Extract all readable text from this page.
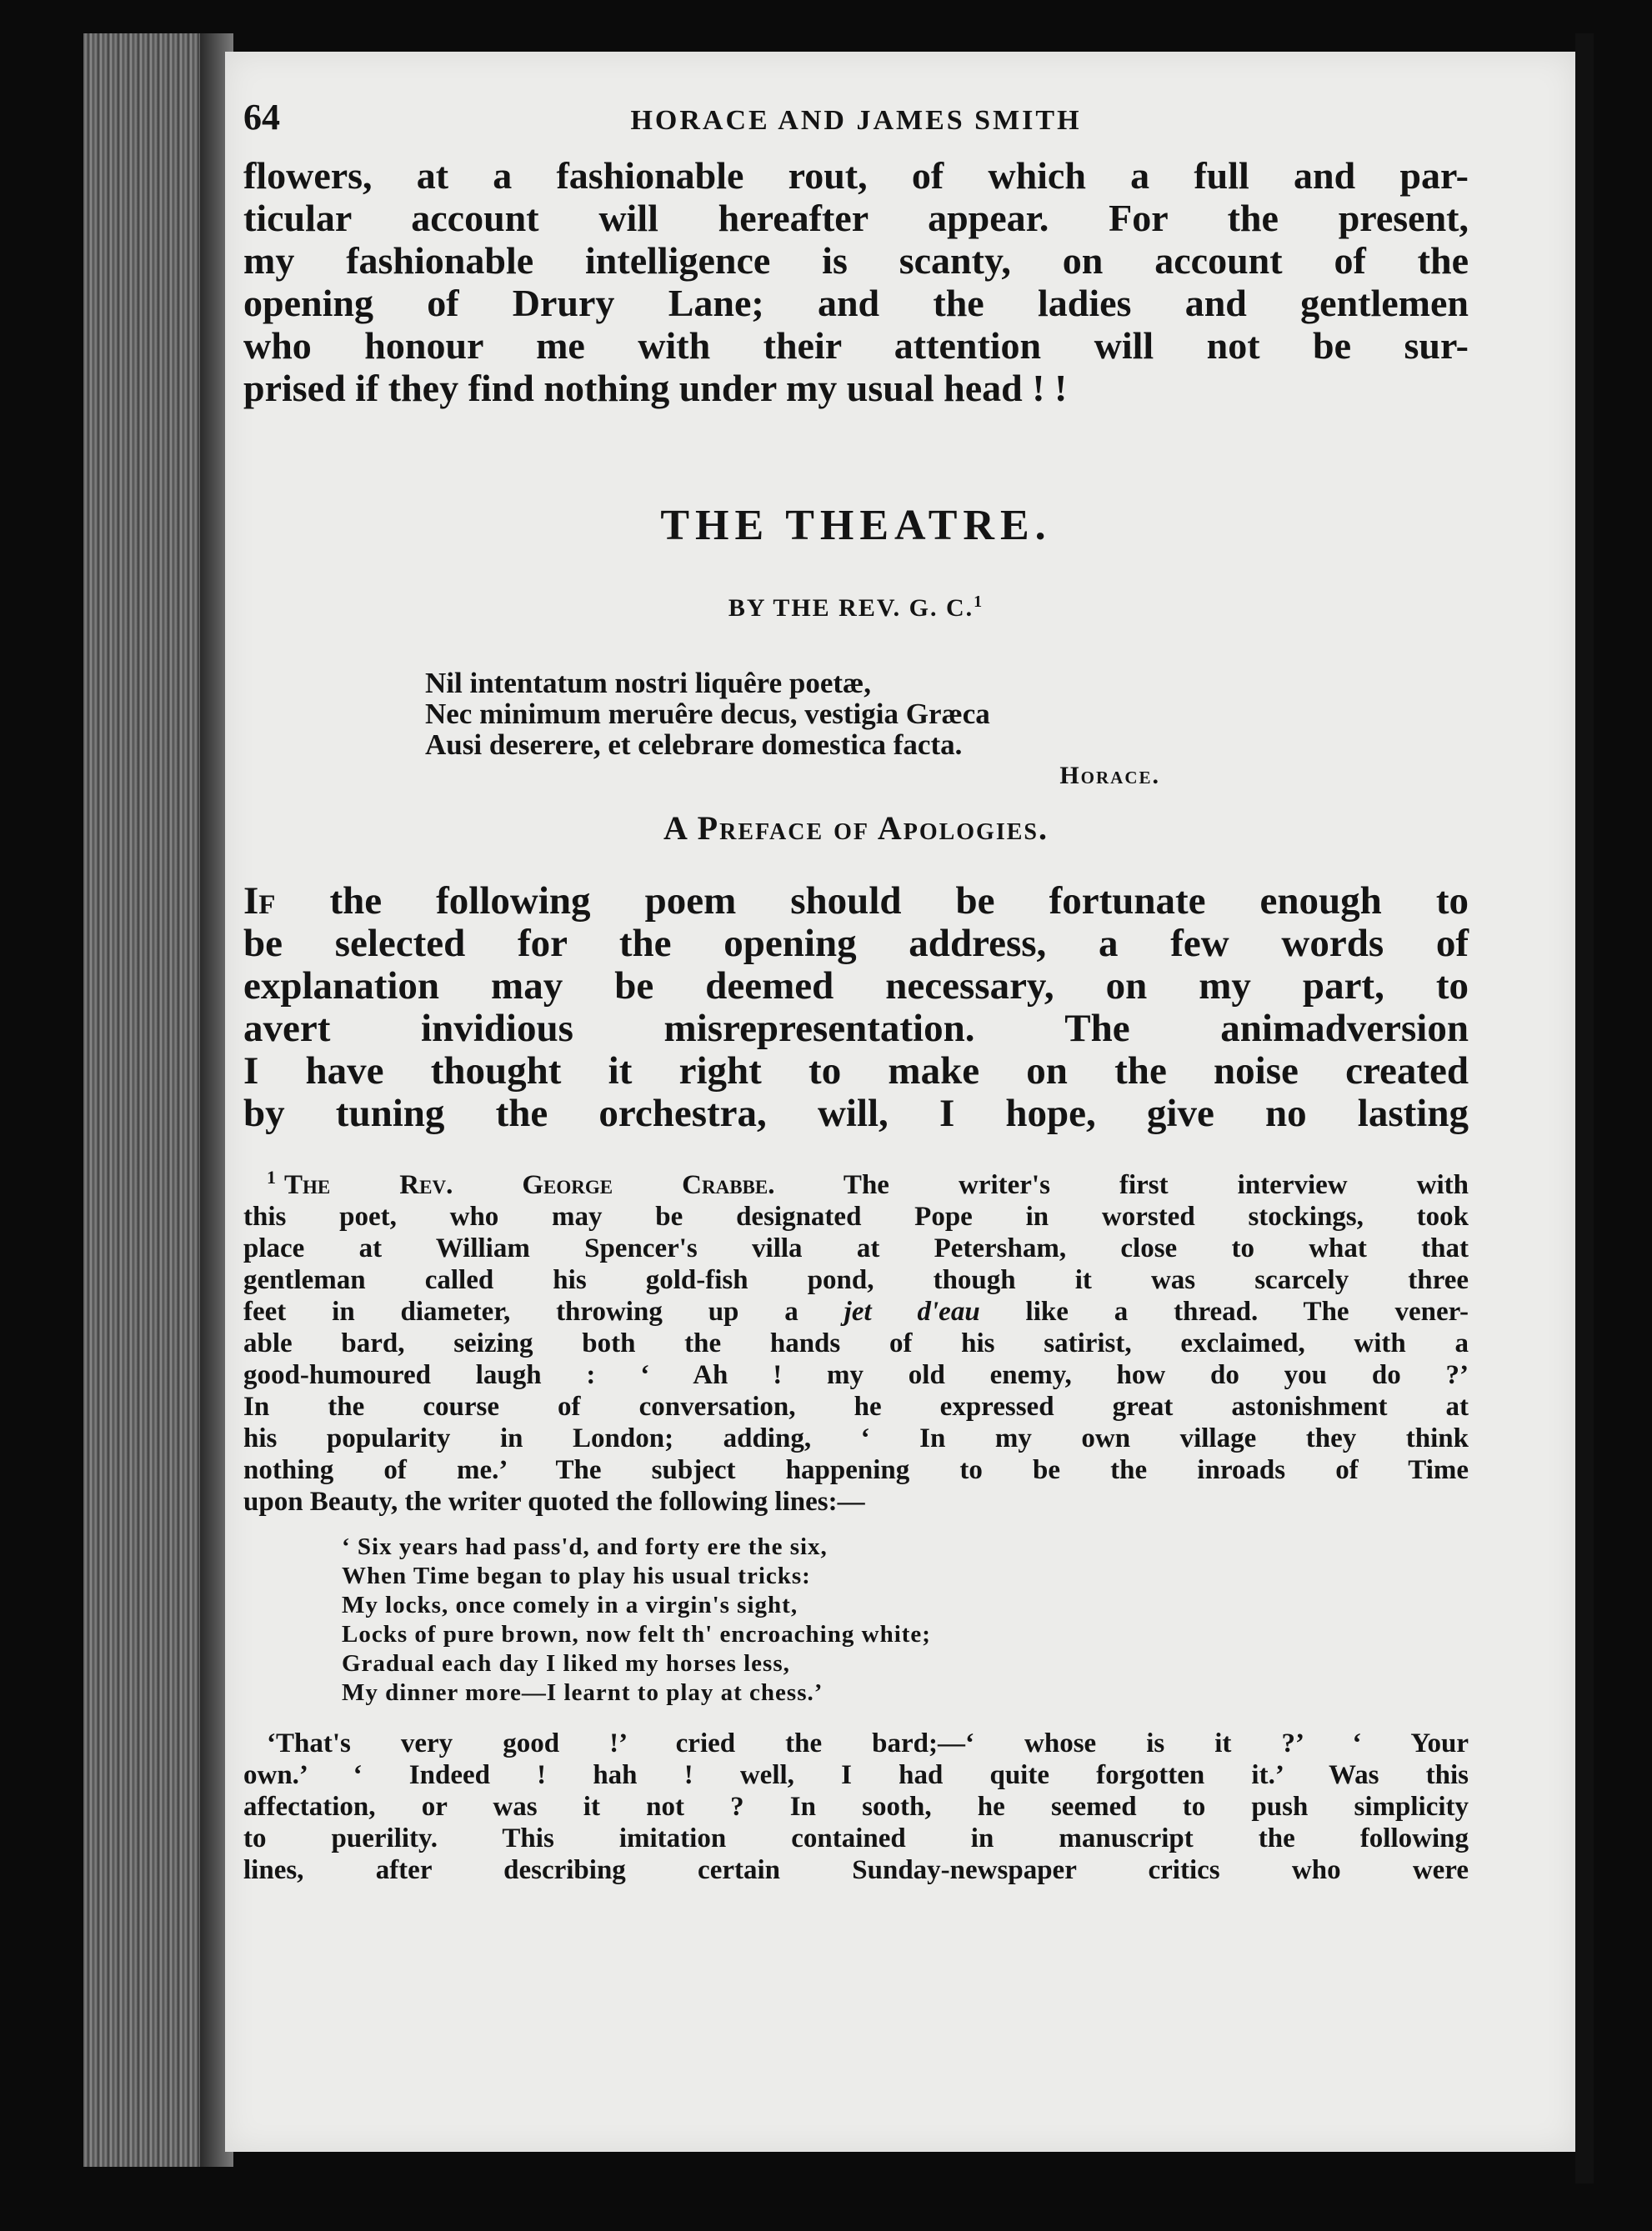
64	HORACE AND JAMES SMITH
flowers, at a fashionable rout, of which a full and par-
ticular account will hereafter appear. For the present,
my fashionable intelligence is scanty, on account of the
opening of Drury Lane; and the ladies and gentlemen
who honour me with their attention will not be sur-
prised if they find nothing under my usual head ! !
THE THEATRE.
BY THE REV. G. C.$^1$
Nil intentatum nostri liquêre poetæ,
Nec minimum meruêre decus, vestigia Græca
Ausi deserere, et celebrare domestica facta.
Horace.
A Preface of Apologies.
If the following poem should be fortunate enough to
be selected for the opening address, a few words of
explanation may be deemed necessary, on my part, to
avert invidious misrepresentation. The animadversion
I have thought it right to make on the noise created
by tuning the orchestra, will, I hope, give no lasting
$^1$ The Rev. George Crabbe. The writer's first interview with
this poet, who may be designated Pope in worsted stockings, took
place at William Spencer's villa at Petersham, close to what that
gentleman called his gold-fish pond, though it was scarcely three
feet in diameter, throwing up a jet d'eau like a thread. The vener-
able bard, seizing both the hands of his satirist, exclaimed, with a
good-humoured laugh : ‘ Ah ! my old enemy, how do you do ?’
In the course of conversation, he expressed great astonishment at
his popularity in London; adding, ‘ In my own village they think
nothing of me.’ The subject happening to be the inroads of Time
upon Beauty, the writer quoted the following lines:—
‘ Six years had pass'd, and forty ere the six,
When Time began to play his usual tricks:
My locks, once comely in a virgin's sight,
Locks of pure brown, now felt th' encroaching white;
Gradual each day I liked my horses less,
My dinner more—I learnt to play at chess.’
‘That's very good !’ cried the bard;—‘ whose is it ?’ ‘ Your
own.’ ‘ Indeed ! hah ! well, I had quite forgotten it.’ Was this
affectation, or was it not ? In sooth, he seemed to push simplicity
to puerility. This imitation contained in manuscript the following
lines, after describing certain Sunday-newspaper critics who were
